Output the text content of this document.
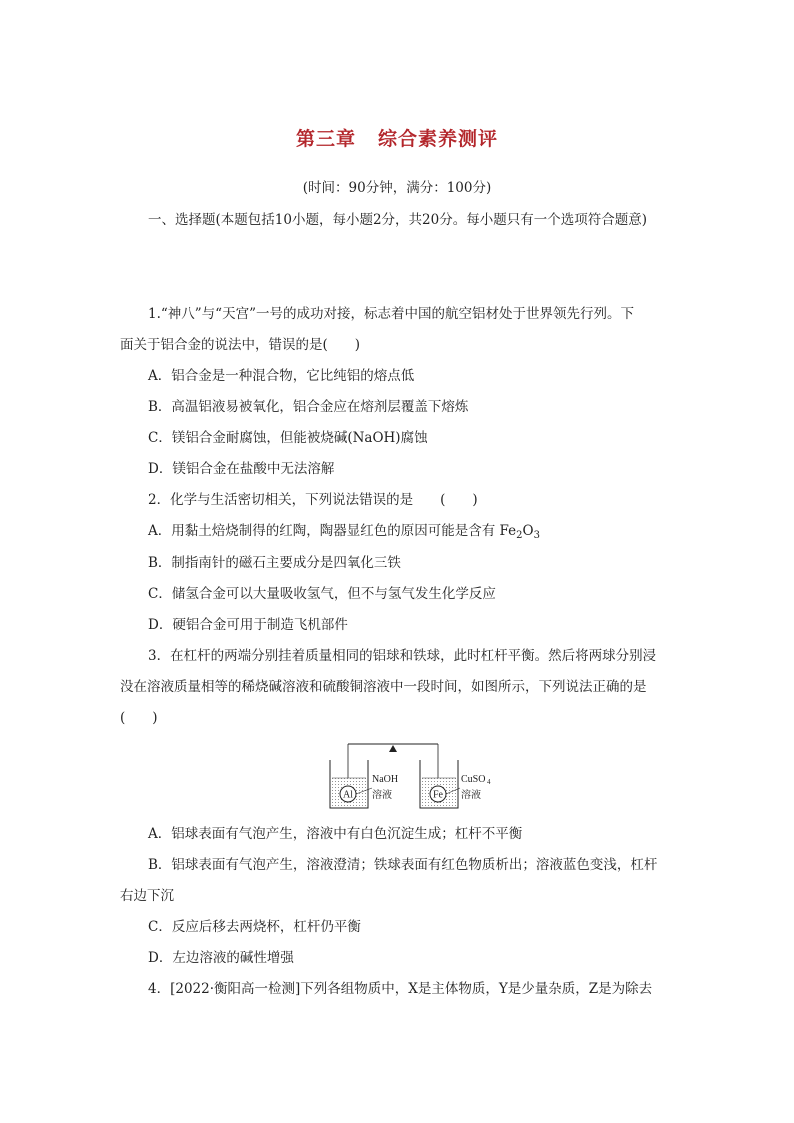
第三章 综合素养测评
(时间：90分钟，满分：100分)
一、选择题(本题包括10小题，每小题2分，共20分。每小题只有一个选项符合题意)
1.“神八”与“天宫”一号的成功对接，标志着中国的航空铝材处于世界领先行列。下
面关于铝合金的说法中，错误的是(　　)
A．铝合金是一种混合物，它比纯铝的熔点低
B．高温铝液易被氧化，铝合金应在熔剂层覆盖下熔炼
C．镁铝合金耐腐蚀，但能被烧碱(NaOH)腐蚀
D．镁铝合金在盐酸中无法溶解
2．化学与生活密切相关，下列说法错误的是　　(　　)
A．用黏土焙烧制得的红陶，陶器显红色的原因可能是含有 $Fe_2O_3$
B．制指南针的磁石主要成分是四氧化三铁
C．储氢合金可以大量吸收氢气，但不与氢气发生化学反应
D．硬铝合金可用于制造飞机部件
3．在杠杆的两端分别挂着质量相同的铝球和铁球，此时杠杆平衡。然后将两球分别浸
没在溶液质量相等的稀烧碱溶液和硫酸铜溶液中一段时间，如图所示，下列说法正确的是
(　　)
Al	Fe
NaOH
溶液
CuSO 4
溶液
A．铝球表面有气泡产生，溶液中有白色沉淀生成；杠杆不平衡
B．铝球表面有气泡产生，溶液澄清；铁球表面有红色物质析出；溶液蓝色变浅，杠杆
右边下沉
C．反应后移去两烧杯，杠杆仍平衡
D．左边溶液的碱性增强
4．[2022·衡阳高一检测]下列各组物质中，X是主体物质，Y是少量杂质，Z是为除去
